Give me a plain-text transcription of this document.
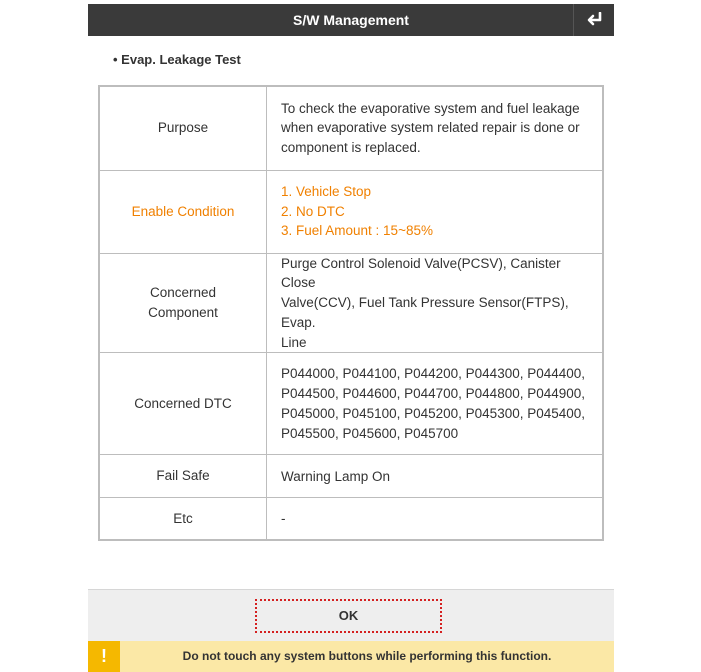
S/W Management
• Evap. Leakage Test
Purpose	To check the evaporative system and fuel leakage
when evaporative system related repair is done or
component is replaced.

Enable Condition	1. Vehicle Stop
2. No DTC
3. Fuel Amount : 15~85%

Concerned
Component	Purge Control Solenoid Valve(PCSV), Canister Close
Valve(CCV), Fuel Tank Pressure Sensor(FTPS), Evap.
Line

Concerned DTC	P044000, P044100, P044200, P044300, P044400,
P044500, P044600, P044700, P044800, P044900,
P045000, P045100, P045200, P045300, P045400,
P045500, P045600, P045700

Fail Safe	Warning Lamp On
Etc	-
OK
!	Do not touch any system buttons while performing this function.
